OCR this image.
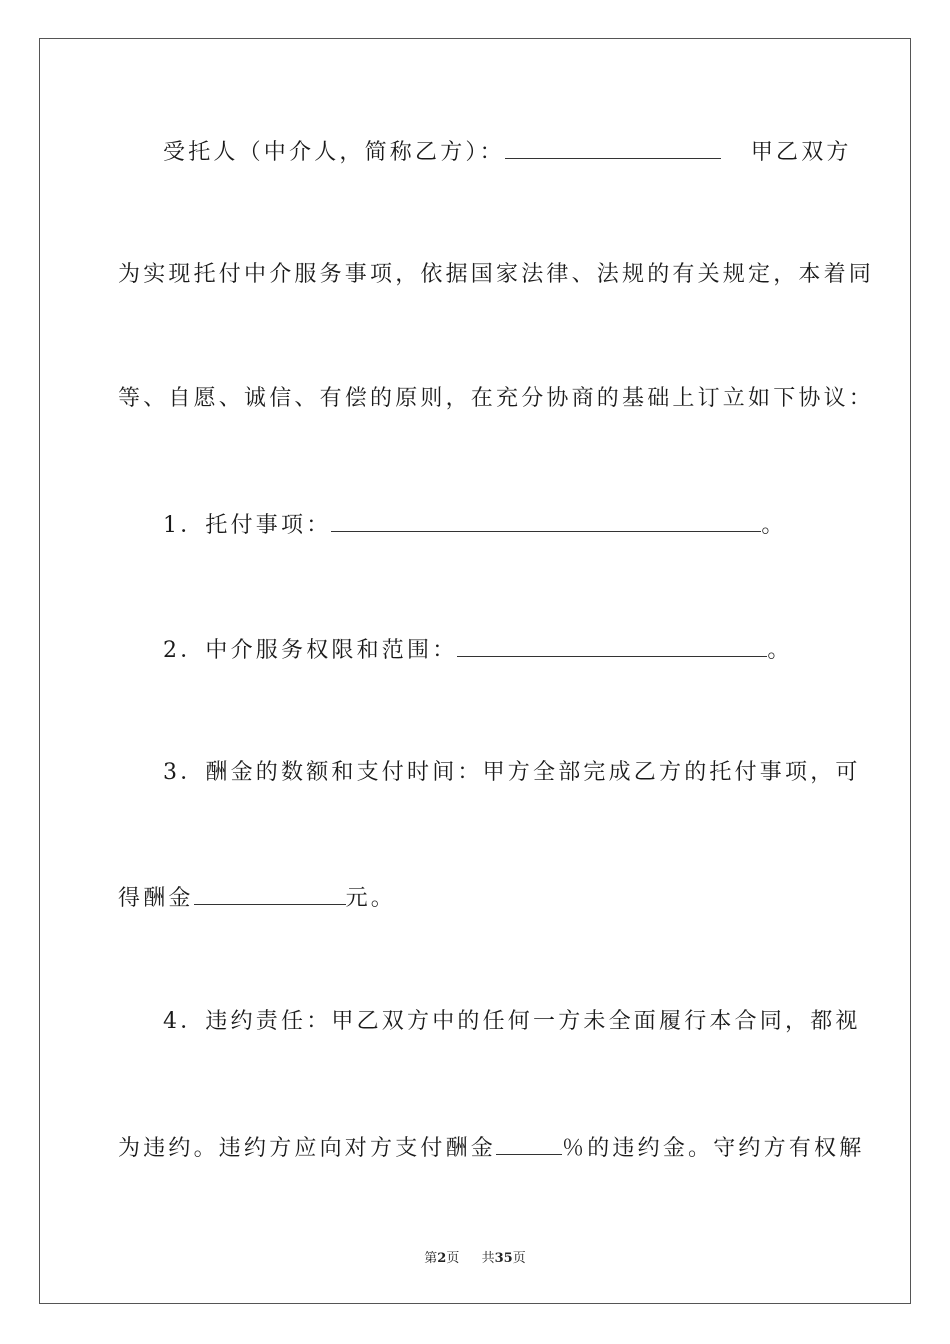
受托人（中介人，简称乙方）：	甲乙双方
为实现托付中介服务事项，依据国家法律、法规的有关规定，本着同
等、自愿、诚信、有偿的原则，在充分协商的基础上订立如下协议：
1．托付事项：	。
2．中介服务权限和范围：	。
3．酬金的数额和支付时间：甲方全部完成乙方的托付事项，可
得酬金	元。
4．违约责任：甲乙双方中的任何一方未全面履行本合同，都视
为违约。违约方应向对方支付酬金	％的违约金。守约方有权解
第2页 共35页
